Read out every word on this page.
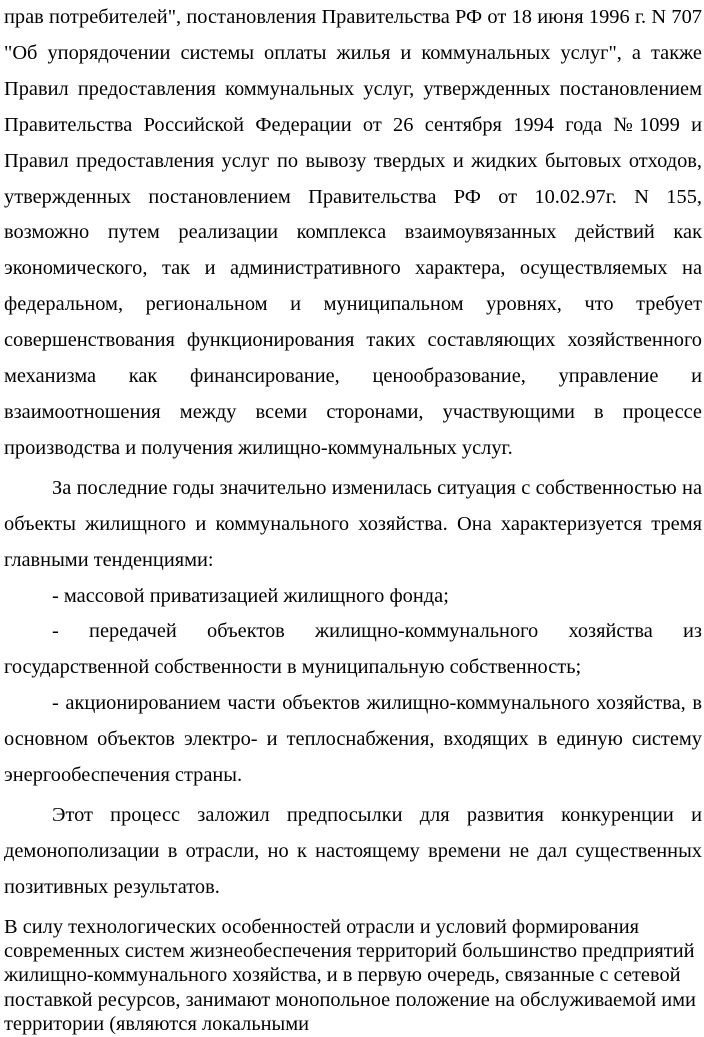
прав потребителей", постановления Правительства РФ от 18 июня 1996 г. N 707 "Об упорядочении системы оплаты жилья и коммунальных услуг", а также Правил предоставления коммунальных услуг, утвержденных постановлением Правительства Российской Федерации от 26 сентября 1994 года №1099 и Правил предоставления услуг по вывозу твердых и жидких бытовых отходов, утвержденных постановлением Правительства РФ от 10.02.97г. N 155, возможно путем реализации комплекса взаимоувязанных действий как экономического, так и административного характера, осуществляемых на федеральном, региональном и муниципальном уровнях, что требует совершенствования функционирования таких составляющих хозяйственного механизма как финансирование, ценообразование, управление и взаимоотношения между всеми сторонами, участвующими в процессе производства и получения жилищно-коммунальных услуг.

За последние годы значительно изменилась ситуация с собственностью на объекты жилищного и коммунального хозяйства. Она характеризуется тремя главными тенденциями:

- массовой приватизацией жилищного фонда;

- передачей объектов жилищно-коммунального хозяйства из государственной собственности в муниципальную собственность;

- акционированием части объектов жилищно-коммунального хозяйства, в основном объектов электро- и теплоснабжения, входящих в единую систему энергообеспечения страны.

Этот процесс заложил предпосылки для развития конкуренции и демонополизации в отрасли, но к настоящему времени не дал существенных позитивных результатов.

В силу технологических особенностей отрасли и условий формирования современных систем жизнеобеспечения территорий большинство предприятий жилищно-коммунального хозяйства, и в первую очередь, связанные с сетевой поставкой ресурсов, занимают монопольное положение на обслуживаемой ими территории (являются локальными
